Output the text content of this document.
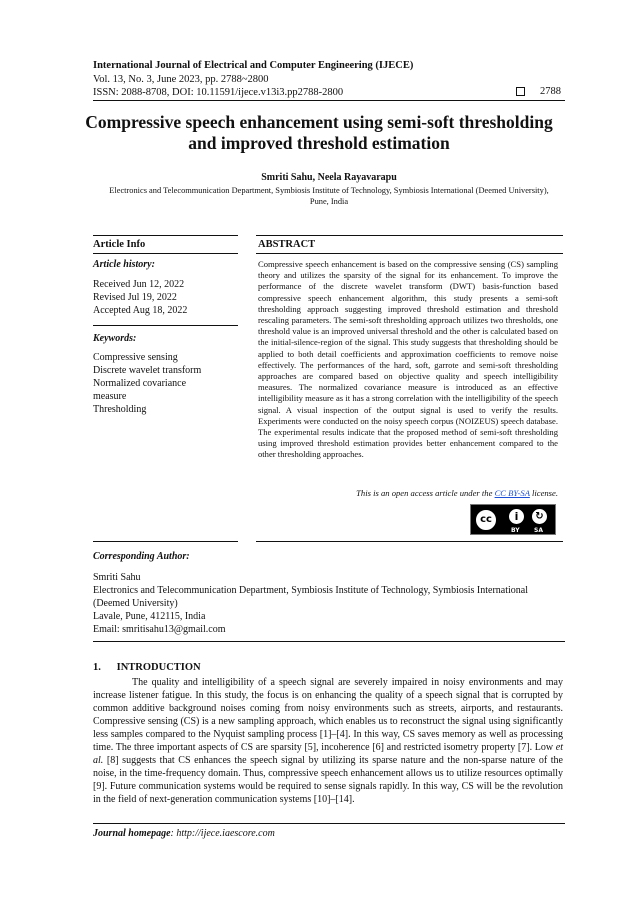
International Journal of Electrical and Computer Engineering (IJECE)
Vol. 13, No. 3, June 2023, pp. 2788~2800
ISSN: 2088-8708, DOI: 10.11591/ijece.v13i3.pp2788-2800	2788
Compressive speech enhancement using semi-soft thresholding
and improved threshold estimation
Smriti Sahu, Neela Rayavarapu
Electronics and Telecommunication Department, Symbiosis Institute of Technology, Symbiosis International (Deemed University),
Pune, India
Article Info
Article history:
Received Jun 12, 2022
Revised Jul 19, 2022
Accepted Aug 18, 2022
Keywords:
Compressive sensing
Discrete wavelet transform
Normalized covariance
measure
Thresholding
ABSTRACT
Compressive speech enhancement is based on the compressive sensing (CS) sampling theory and utilizes the sparsity of the signal for its enhancement. To improve the performance of the discrete wavelet transform (DWT) basis-function based compressive speech enhancement algorithm, this study presents a semi-soft thresholding approach suggesting improved threshold estimation and threshold rescaling parameters. The semi-soft thresholding approach utilizes two thresholds, one threshold value is an improved universal threshold and the other is calculated based on the initial-silence-region of the signal. This study suggests that thresholding should be applied to both detail coefficients and approximation coefficients to remove noise effectively. The performances of the hard, soft, garrote and semi-soft thresholding approaches are compared based on objective quality and speech intelligibility measures. The normalized covariance measure is introduced as an effective intelligibility measure as it has a strong correlation with the intelligibility of the speech signal. A visual inspection of the output signal is used to verify the results. Experiments were conducted on the noisy speech corpus (NOIZEUS) speech database. The experimental results indicate that the proposed method of semi-soft thresholding using improved threshold estimation provides better enhancement compared to the other thresholding approaches.
This is an open access article under the CC BY-SA license.
cc	i	↻
BY SA
Corresponding Author:
Smriti Sahu
Electronics and Telecommunication Department, Symbiosis Institute of Technology, Symbiosis International
(Deemed University)
Lavale, Pune, 412115, India
Email: smritisahu13@gmail.com
1.      INTRODUCTION

The quality and intelligibility of a speech signal are severely impaired in noisy environments and may increase listener fatigue. In this study, the focus is on enhancing the quality of a speech signal that is corrupted by common additive background noises coming from noisy environments such as streets, airports, and restaurants. Compressive sensing (CS) is a new sampling approach, which enables us to reconstruct the signal using significantly less samples compared to the Nyquist sampling process [1]–[4]. In this way, CS saves memory as well as processing time. The three important aspects of CS are sparsity [5], incoherence [6] and restricted isometry property [7]. Low et al. [8] suggests that CS enhances the speech signal by utilizing its sparse nature and the non-sparse nature of the noise, in the time-frequency domain. Thus, compressive speech enhancement allows us to utilize resources optimally [9]. Future communication systems would be required to sense signals rapidly. In this way, CS will be the revolution in the field of next-generation communication systems [10]–[14].

Journal homepage: http://ijece.iaescore.com
